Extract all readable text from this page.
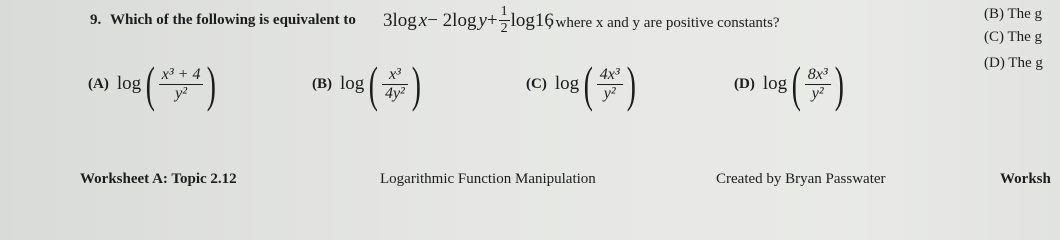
9. Which of the following is equivalent to 3log x − 2log $y + \frac{1}{2} \log 16$
, where x and y are positive constants?
(A) log ( x³ + 4
y² )	(B) log ( x³
4y² )	(C) log ( 4x³
y² )	(D) log ( 8x³
y² )
(B) The g
(C) The g
(D) The g
Worksheet A: Topic 2.12	Logarithmic Function Manipulation	Created by Bryan Passwater	Worksh
